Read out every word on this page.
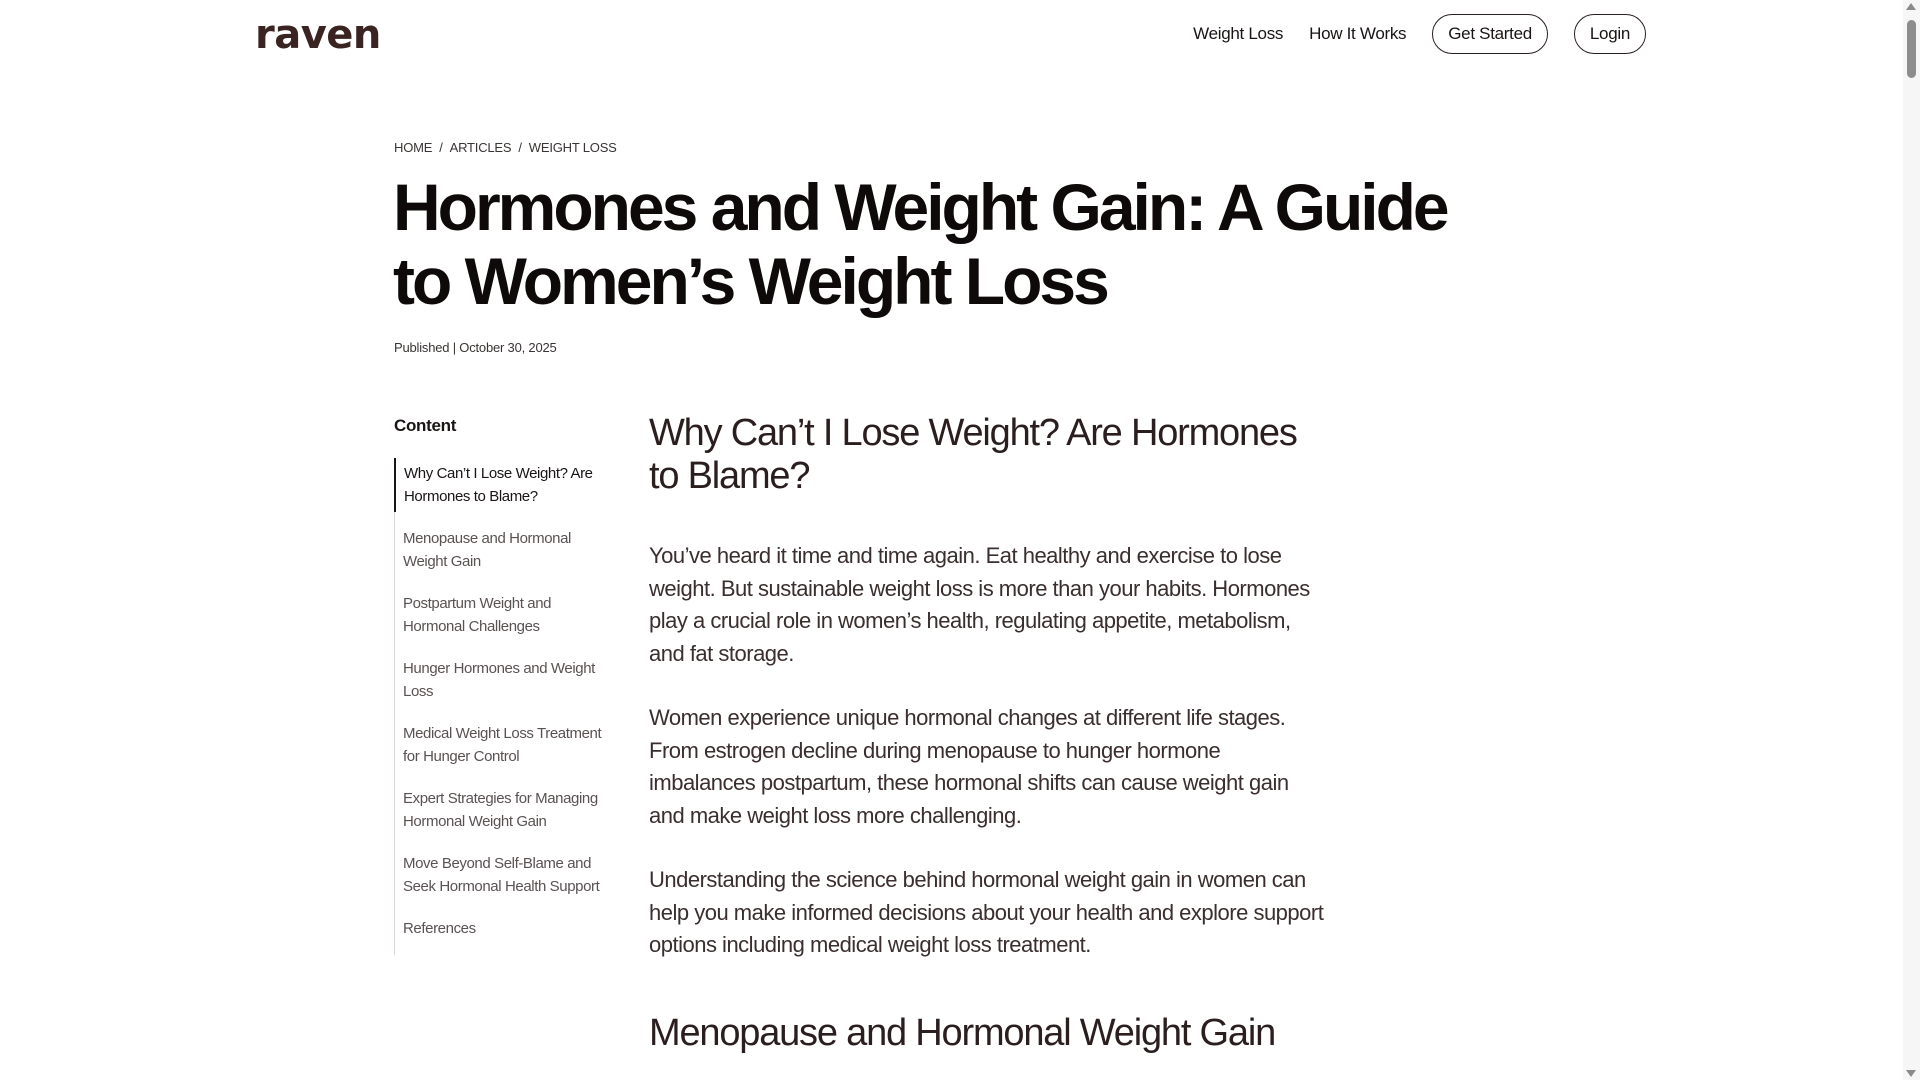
raven	Weight Loss How It Works	Get Started	Login
HOME / ARTICLES / WEIGHT LOSS
Hormones and Weight Gain: A Guide to Women’s Weight Loss
Published | October 30, 2025
Content
Why Can’t I Lose Weight? Are Hormones to Blame?
Menopause and Hormonal Weight Gain
Postpartum Weight and Hormonal Challenges
Hunger Hormones and Weight Loss
Medical Weight Loss Treatment for Hunger Control
Expert Strategies for Managing Hormonal Weight Gain
Move Beyond Self-Blame and Seek Hormonal Health Support
References
Why Can’t I Lose Weight? Are Hormones to Blame?

You’ve heard it time and time again. Eat healthy and exercise to lose weight. But sustainable weight loss is more than your habits. Hormones play a crucial role in women’s health, regulating appetite, metabolism, and fat storage.

Women experience unique hormonal changes at different life stages. From estrogen decline during menopause to hunger hormone imbalances postpartum, these hormonal shifts can cause weight gain and make weight loss more challenging.

Understanding the science behind hormonal weight gain in women can help you make informed decisions about your health and explore support options including medical weight loss treatment.

Menopause and Hormonal Weight Gain
